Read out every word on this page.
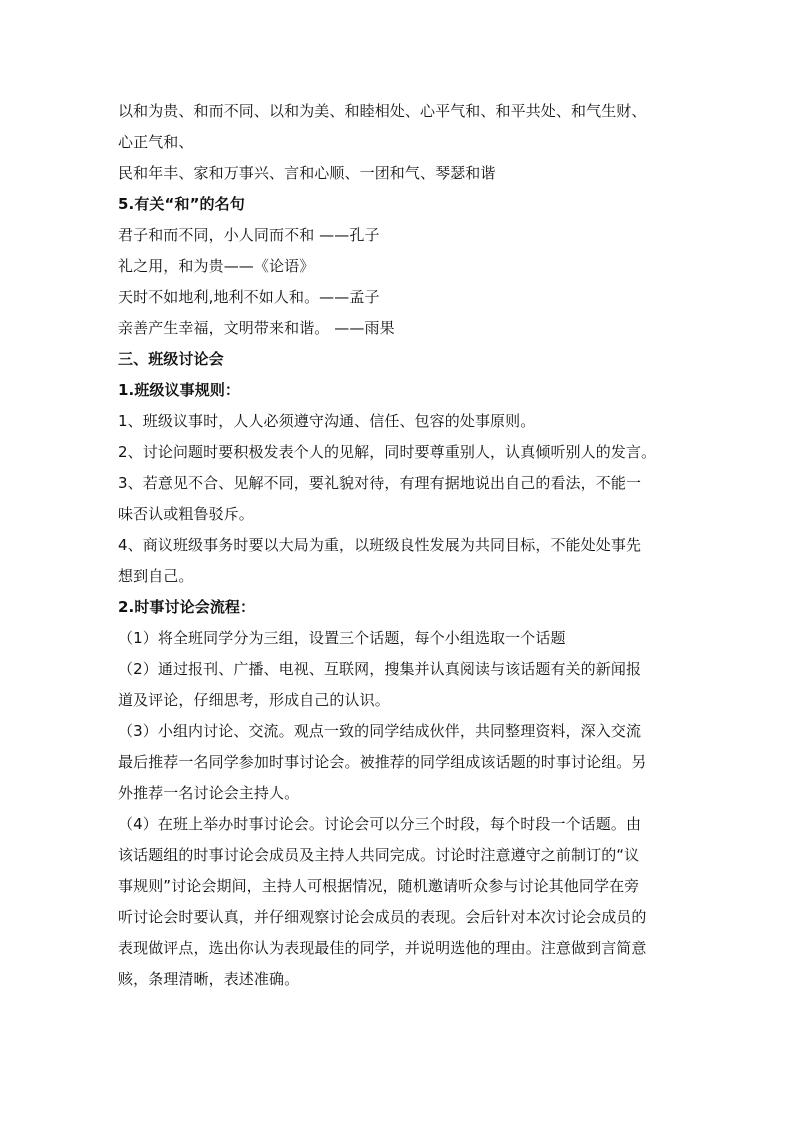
以和为贵、和而不同、以和为美、和睦相处、心平气和、和平共处、和气生财、
心正气和、
民和年丰、家和万事兴、言和心顺、一团和气、琴瑟和谐
5.有关“和”的名句
君子和而不同，小人同而不和 ——孔子
礼之用，和为贵——《论语》
天时不如地利,地利不如人和。——孟子
亲善产生幸福，文明带来和谐。 ——雨果
三、班级讨论会
1.班级议事规则：
1、班级议事时，人人必须遵守沟通、信任、包容的处事原则。
2、讨论问题时要积极发表个人的见解，同时要尊重别人，认真倾听别人的发言。
3、若意见不合、见解不同，要礼貌对待，有理有据地说出自己的看法，不能一
味否认或粗鲁驳斥。
4、商议班级事务时要以大局为重，以班级良性发展为共同目标，不能处处事先
想到自己。
2.时事讨论会流程：
（1）将全班同学分为三组，设置三个话题，每个小组选取一个话题
（2）通过报刊、广播、电视、互联网，搜集并认真阅读与该话题有关的新闻报
道及评论，仔细思考，形成自己的认识。
（3）小组内讨论、交流。观点一致的同学结成伙伴，共同整理资料，深入交流
最后推荐一名同学参加时事讨论会。被推荐的同学组成该话题的时事讨论组。另
外推荐一名讨论会主持人。
（4）在班上举办时事讨论会。讨论会可以分三个时段，每个时段一个话题。由
该话题组的时事讨论会成员及主持人共同完成。讨论时注意遵守之前制订的“议
事规则”讨论会期间，主持人可根据情况，随机邀请听众参与讨论其他同学在旁
听讨论会时要认真，并仔细观察讨论会成员的表现。会后针对本次讨论会成员的
表现做评点，选出你认为表现最佳的同学，并说明选他的理由。注意做到言简意
赅，条理清晰，表述准确。
